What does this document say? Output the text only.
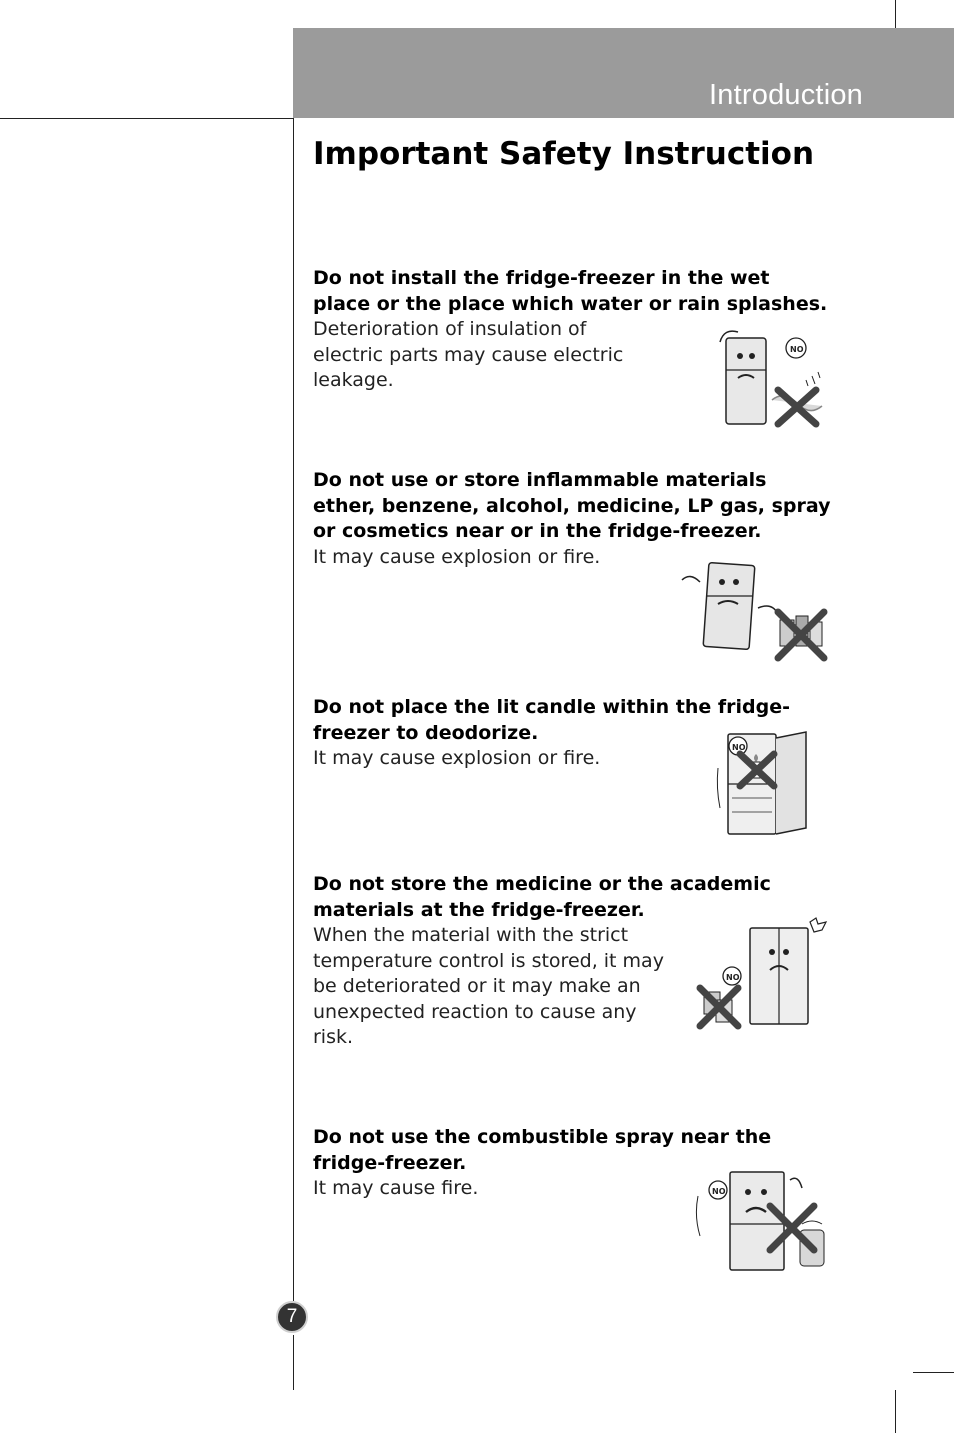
Introduction
Important Safety Instruction
Do not install the fridge-freezer in the wet place or the place which water or rain splashes.

Deterioration of insulation of electric parts may cause electric leakage.

NO
Do not use or store inflammable materials ether, benzene, alcohol, medicine, LP gas, spray or cosmetics near or in the fridge-freezer.

It may cause explosion or fire.

Do not place the lit candle within the fridge-freezer to deodorize.

It may cause explosion or fire.	NO
Do not store the medicine or the academic materials at the fridge-freezer.

When the material with the strict temperature control is stored, it may be deteriorated or it may make an unexpected reaction to cause any risk.

NO
Do not use the combustible spray near the fridge-freezer.

It may cause fire.	NO
7
